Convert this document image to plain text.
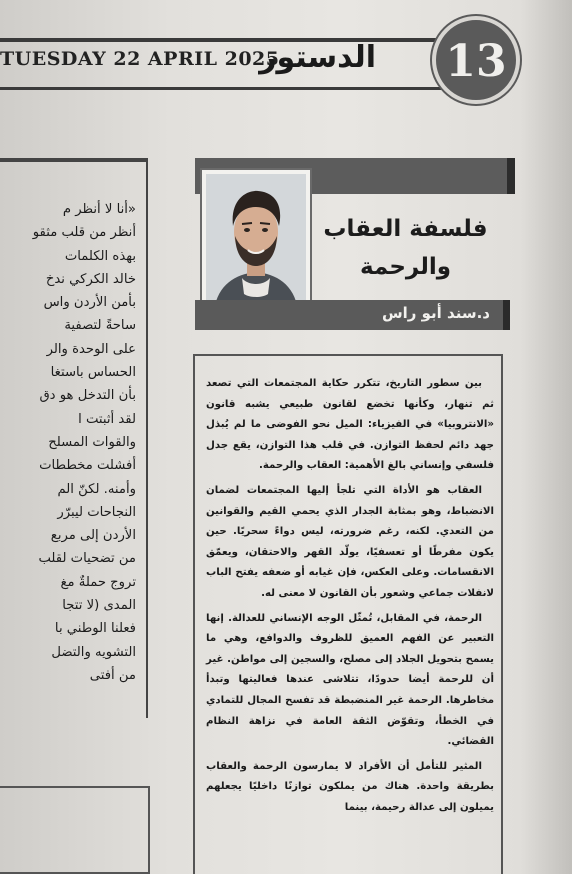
TUESDAY 22 APRIL 2025
الدستور 13
«أنا لا أنظر م
أنظر من قلب مثقو
بهذه الكلمات
خالد الكركي ندخ
بأمن الأردن واس
ساحةً لتصفية
على الوحدة والر
الحساس باستغا
بأن التدخل هو دق
لقد أثبتت ا
والقوات المسلح
أفشلت مخططات
وأمنه. لكنّ الم
النجاحات ليبرّر
الأردن إلى مربع
من تضحيات لقلب
تروج حملةٌ مغ
المدى (لا تتجا
فعلنا الوطني با
التشويه والتضل
من أفتى
فلسفة العقاب
والرحمة
د.سند أبو راس

بين سطور التاريخ، تتكرر حكاية المجتمعات التي تصعد ثم تنهار، وكأنها تخضع لقانون طبيعي يشبه قانون «الانتروبيا» في الفيزياء: الميل نحو الفوضى ما لم يُبذل جهد دائم لحفظ التوازن. في قلب هذا التوازن، يقع جدل فلسفي وإنساني بالغ الأهمية: العقاب والرحمة.

العقاب هو الأداة التي تلجأ إليها المجتمعات لضمان الانضباط، وهو بمثابة الجدار الذي يحمي القيم والقوانين من التعدي. لكنه، رغم ضرورته، ليس دواءً سحريًا. حين يكون مفرطًا أو تعسفيًا، يولّد القهر والاحتقان، ويعمّق الانقسامات. وعلى العكس، فإن غيابه أو ضعفه يفتح الباب لانفلات جماعي وشعور بأن القانون لا معنى له.

الرحمة، في المقابل، تُمثّل الوجه الإنساني للعدالة. إنها التعبير عن الفهم العميق للظروف والدوافع، وهي ما يسمح بتحويل الجلاد إلى مصلح، والسجين إلى مواطن. غير أن للرحمة أيضا حدودًا، تتلاشى عندها فعاليتها وتبدأ مخاطرها. الرحمة غير المنضبطة قد تفسح المجال للتمادي في الخطأ، وتقوّض الثقة العامة في نزاهة النظام القضائي.

المثير للتأمل أن الأفراد لا يمارسون الرحمة والعقاب بطريقة واحدة. هناك من يملكون توازنًا داخليًا يجعلهم يميلون إلى عدالة رحيمة، بينما
